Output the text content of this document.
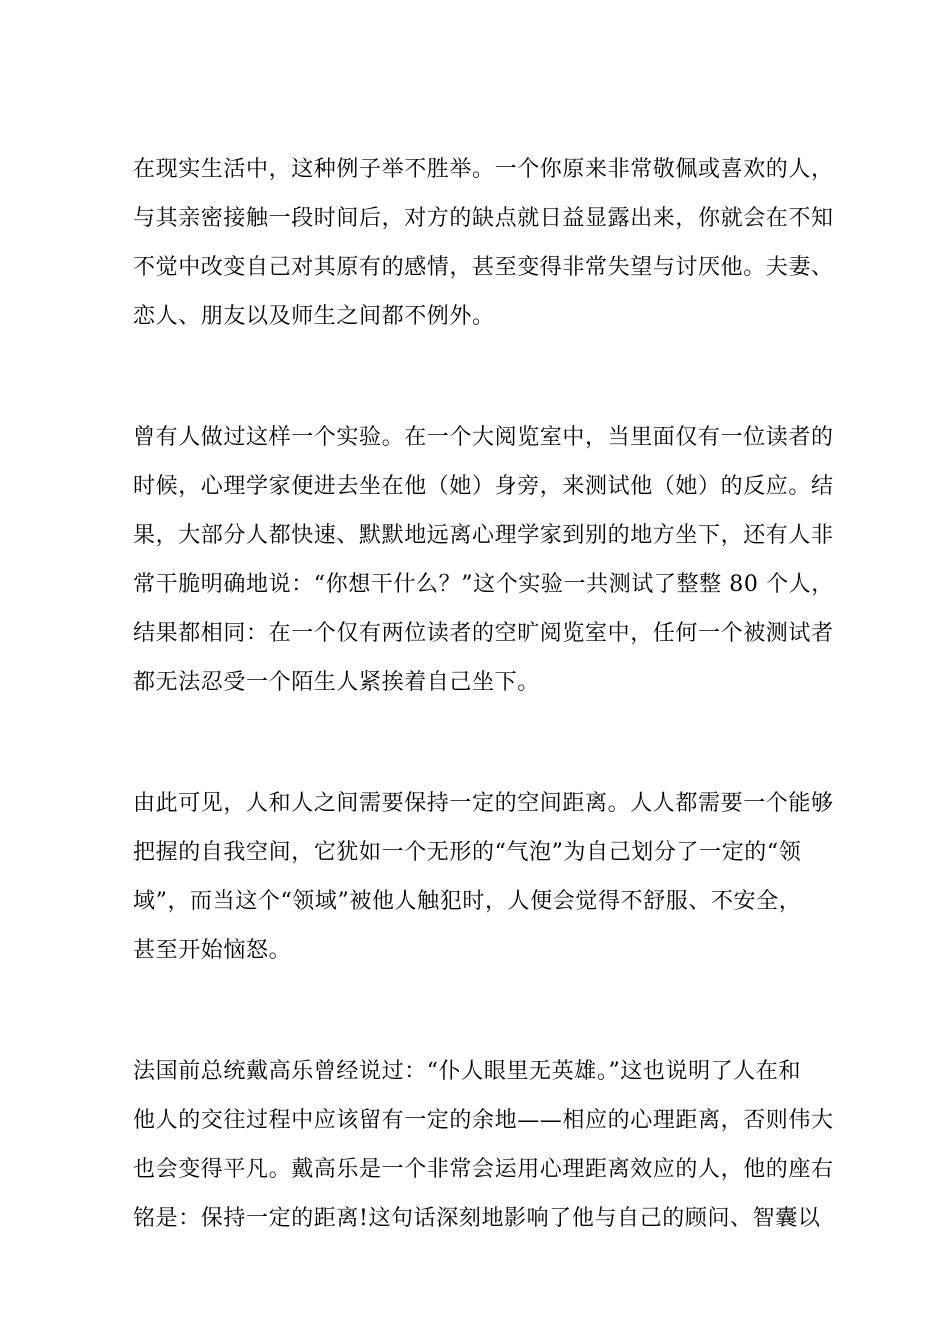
在现实生活中，这种例子举不胜举。一个你原来非常敬佩或喜欢的人，
与其亲密接触一段时间后，对方的缺点就日益显露出来，你就会在不知
不觉中改变自己对其原有的感情，甚至变得非常失望与讨厌他。夫妻、
恋人、朋友以及师生之间都不例外。
曾有人做过这样一个实验。在一个大阅览室中，当里面仅有一位读者的
时候，心理学家便进去坐在他（她）身旁，来测试他（她）的反应。结
果，大部分人都快速、默默地远离心理学家到别的地方坐下，还有人非
常干脆明确地说：“你想干什么？”这个实验一共测试了整整 80 个人，
结果都相同：在一个仅有两位读者的空旷阅览室中，任何一个被测试者
都无法忍受一个陌生人紧挨着自己坐下。
由此可见，人和人之间需要保持一定的空间距离。人人都需要一个能够
把握的自我空间，它犹如一个无形的“气泡”为自己划分了一定的“领
域”，而当这个“领域”被他人触犯时，人便会觉得不舒服、不安全，
甚至开始恼怒。
法国前总统戴高乐曾经说过：“仆人眼里无英雄。”这也说明了人在和
他人的交往过程中应该留有一定的余地——相应的心理距离，否则伟大
也会变得平凡。戴高乐是一个非常会运用心理距离效应的人，他的座右
铭是：保持一定的距离!这句话深刻地影响了他与自己的顾问、智囊以
